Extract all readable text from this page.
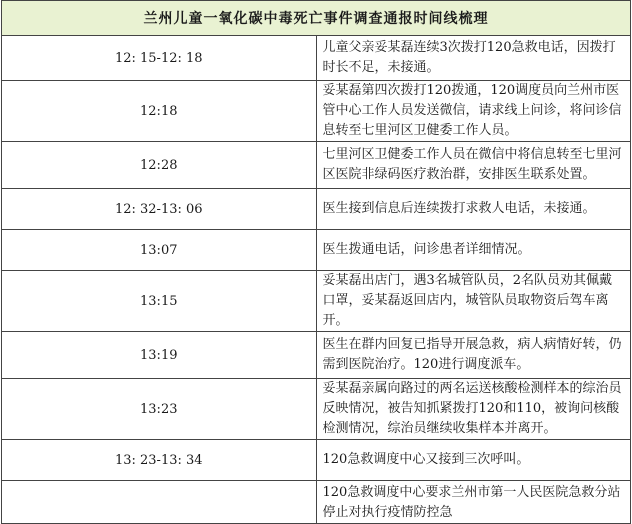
兰州儿童一氧化碳中毒死亡事件调查通报时间线梳理	
12: 15-12: 18	儿童父亲妥某磊连续3次拨打120急救电话，因拨打时长不足，未接通。
12:18	妥某磊第四次拨打120拨通，120调度员向兰州市医管中心工作人员发送微信，请求线上问诊，将问诊信息转至七里河区卫健委工作人员。
12:28	七里河区卫健委工作人员在微信中将信息转至七里河区医院非绿码医疗救治群，安排医生联系处置。
12: 32-13: 06	医生接到信息后连续拨打求救人电话，未接通。
13:07	医生拨通电话，问诊患者详细情况。
13:15	妥某磊出店门，遇3名城管队员，2名队员劝其佩戴口罩，妥某磊返回店内，城管队员取物资后驾车离开。
13:19	医生在群内回复已指导开展急救，病人病情好转，仍需到医院治疗。120进行调度派车。
13:23	妥某磊亲属向路过的两名运送核酸检测样本的综治员反映情况，被告知抓紧拨打120和110，被询问核酸检测情况，综治员继续收集样本并离开。
13: 23-13: 34	120急救调度中心又接到三次呼叫。
	120急救调度中心要求兰州市第一人民医院急救分站停止对执行疫情防控急
